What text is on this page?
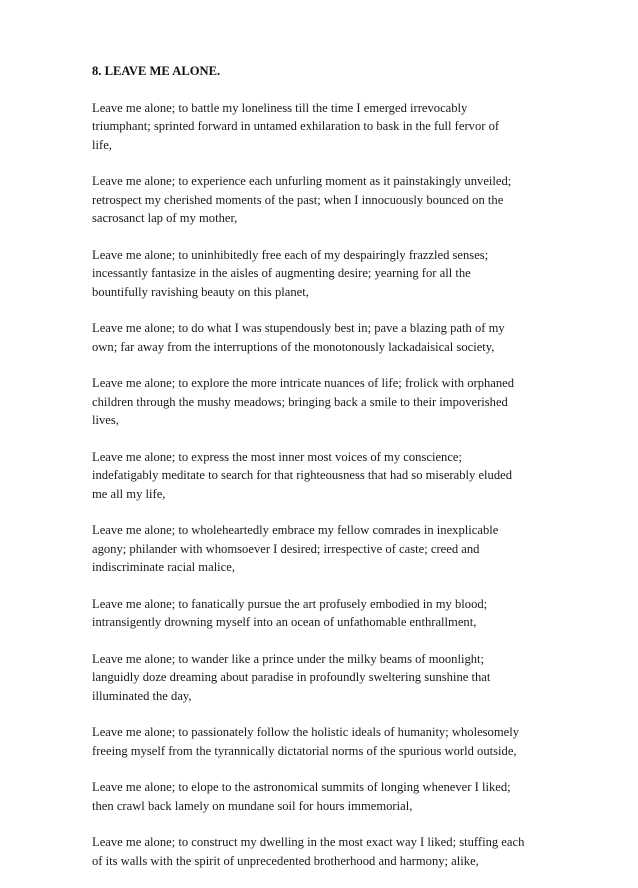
8. LEAVE ME ALONE.
Leave me alone; to battle my loneliness till the time I emerged irrevocably
triumphant; sprinted forward in untamed exhilaration to bask in the full fervor of
life,
Leave me alone; to experience each unfurling moment as it painstakingly unveiled;
retrospect my cherished moments of the past; when I innocuously bounced on the
sacrosanct lap of my mother,
Leave me alone; to uninhibitedly free each of my despairingly frazzled senses;
incessantly fantasize in the aisles of augmenting desire; yearning for all the
bountifully ravishing beauty on this planet,
Leave me alone; to do what I was stupendously best in; pave a blazing path of my
own; far away from the interruptions of the monotonously lackadaisical society,
Leave me alone; to explore the more intricate nuances of life; frolick with orphaned
children through the mushy meadows; bringing back a smile to their impoverished
lives,
Leave me alone; to express the most inner most voices of my conscience;
indefatigably meditate to search for that righteousness that had so miserably eluded
me all my life,
Leave me alone; to wholeheartedly embrace my fellow comrades in inexplicable
agony; philander with whomsoever I desired; irrespective of caste; creed and
indiscriminate racial malice,
Leave me alone; to fanatically pursue the art profusely embodied in my blood;
intransigently drowning myself into an ocean of unfathomable enthrallment,
Leave me alone; to wander like a prince under the milky beams of moonlight;
languidly doze dreaming about paradise in profoundly sweltering sunshine that
illuminated the day,
Leave me alone; to passionately follow the holistic ideals of humanity; wholesomely
freeing myself from the tyrannically dictatorial norms of the spurious world outside,
Leave me alone; to elope to the astronomical summits of longing whenever I liked;
then crawl back lamely on mundane soil for hours immemorial,
Leave me alone; to construct my dwelling in the most exact way I liked; stuffing each
of its walls with the spirit of unprecedented brotherhood and harmony; alike,
